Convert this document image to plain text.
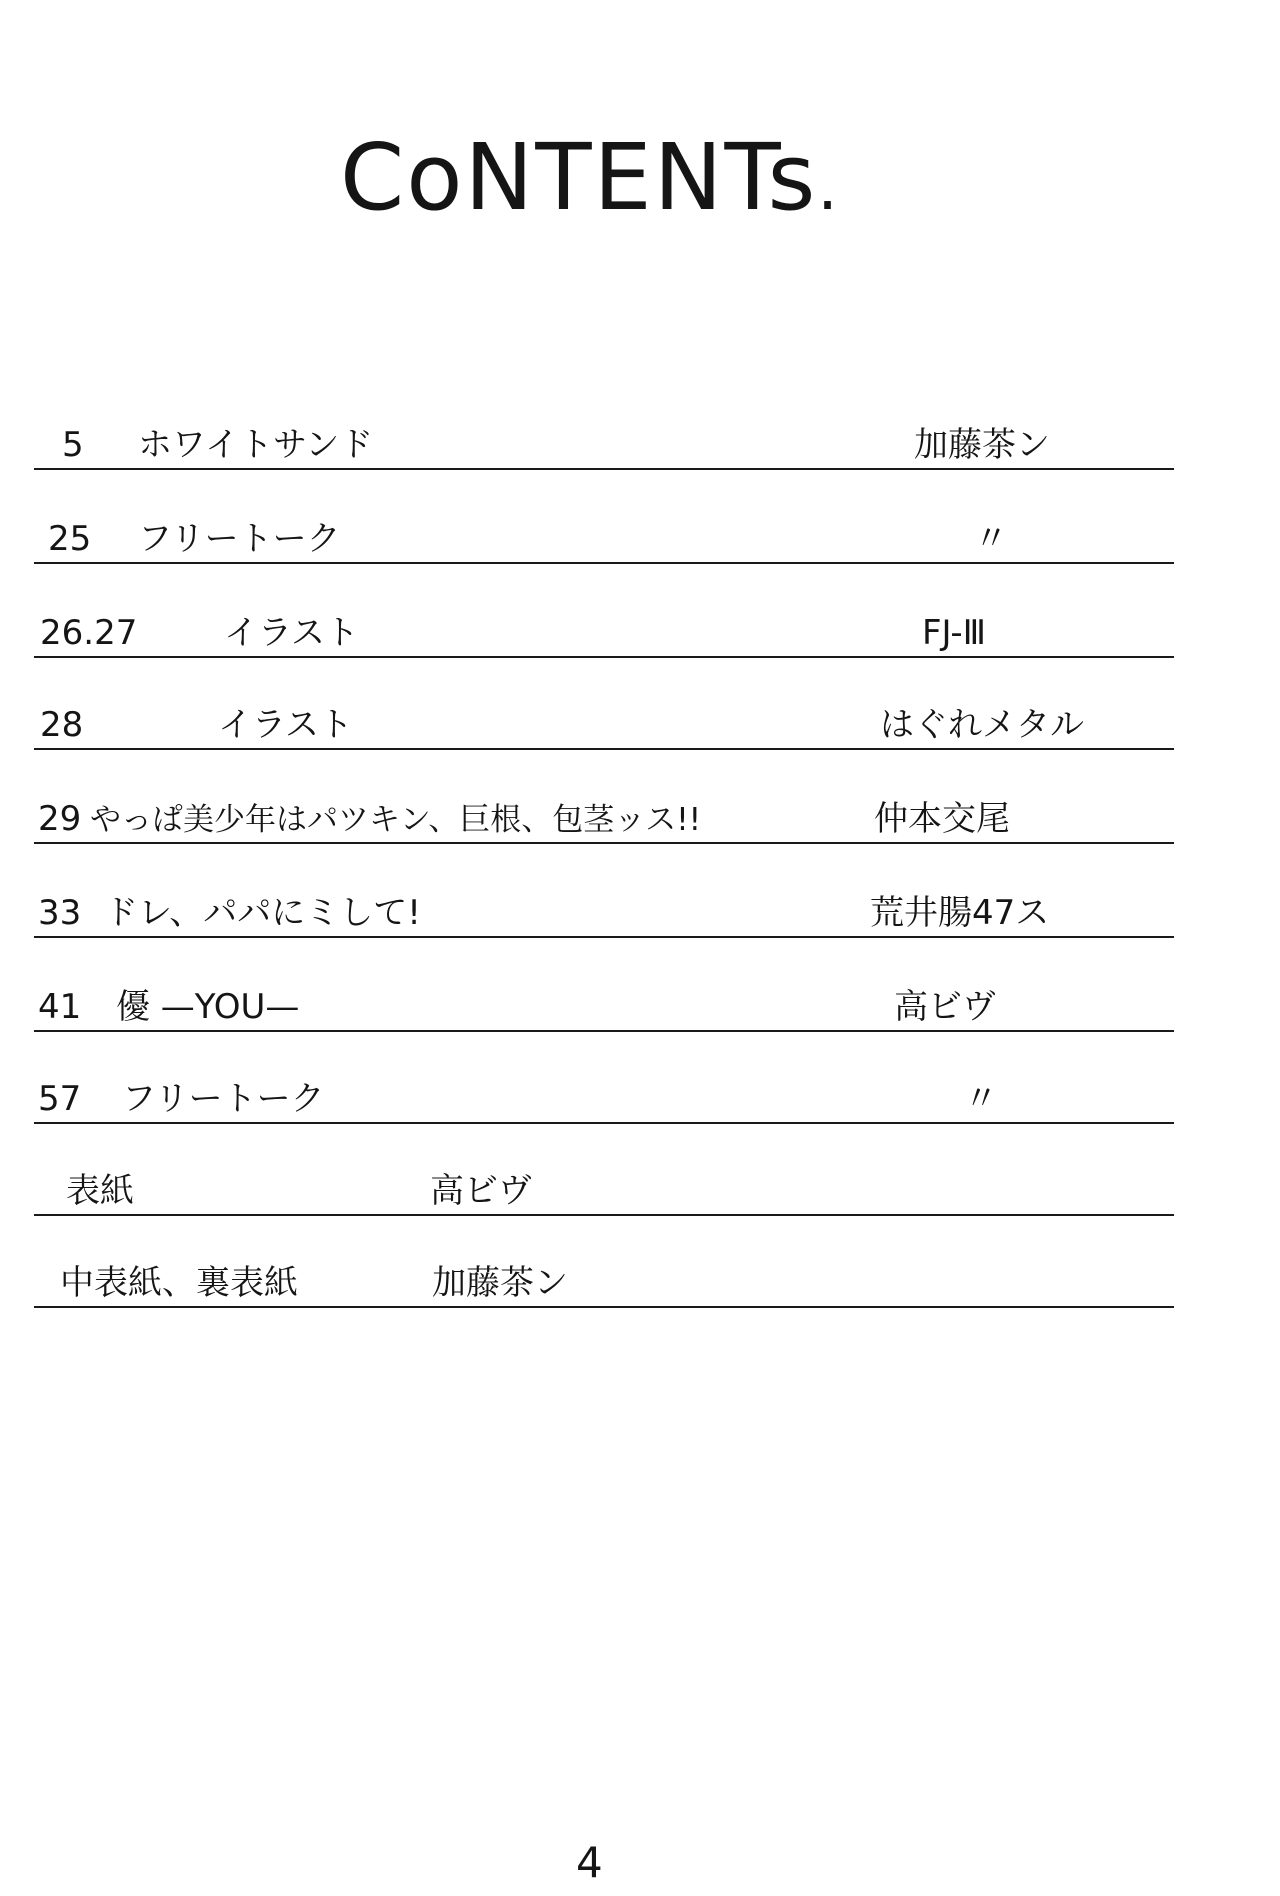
CoNTENTs.
5 ホワイトサンド	加藤茶ン
25 フリートーク	〃
26.27	イラスト	FJ-Ⅲ
28	イラスト	はぐれメタル
29 やっぱ美少年はパツキン、巨根、包茎ッス!!	仲本交尾
33 ドレ、パパにミして!	荒井腸47ス
41 優 —YOU—	高ビヴ
57 フリートーク	〃
表紙	高ビヴ
中表紙、裏表紙	加藤茶ン
4
